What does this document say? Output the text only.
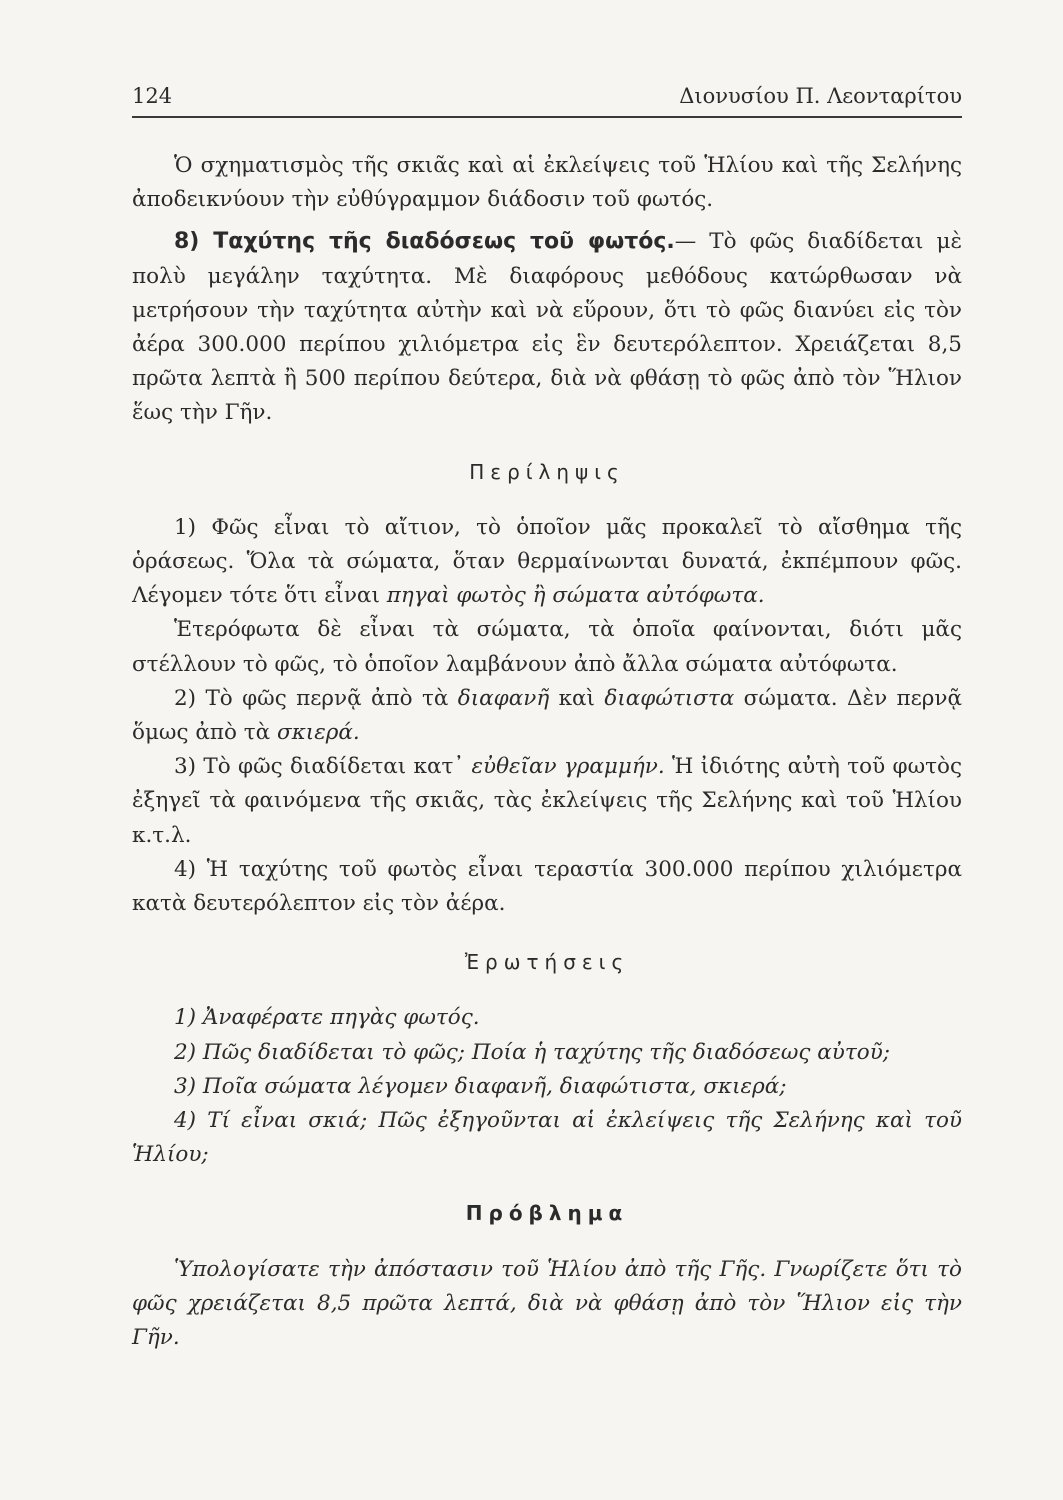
124	Διονυσίου Π. Λεονταρίτου

Ὁ σχηματισμὸς τῆς σκιᾶς καὶ αἱ ἐκλείψεις τοῦ Ἡλίου καὶ τῆς Σελήνης ἀποδεικνύουν τὴν εὐθύγραμμον διάδοσιν τοῦ φωτός.

8) Ταχύτης τῆς διαδόσεως τοῦ φωτός.— Τὸ φῶς διαδίδεται μὲ πολὺ μεγάλην ταχύτητα. Μὲ διαφόρους μεθόδους κατώρθωσαν νὰ μετρήσουν τὴν ταχύτητα αὐτὴν καὶ νὰ εὕρουν, ὅτι τὸ φῶς διανύει εἰς τὸν ἀέρα 300.000 περίπου χιλιόμετρα εἰς ἓν δευτερόλεπτον. Χρειάζεται 8,5 πρῶτα λεπτὰ ἢ 500 περίπου δεύτερα, διὰ νὰ φθάσῃ τὸ φῶς ἀπὸ τὸν Ἥλιον ἕως τὴν Γῆν.

Περίληψις

1) Φῶς εἶναι τὸ αἴτιον, τὸ ὁποῖον μᾶς προκαλεῖ τὸ αἴσθημα τῆς ὁράσεως. Ὅλα τὰ σώματα, ὅταν θερμαίνωνται δυνατά, ἐκπέμπουν φῶς. Λέγομεν τότε ὅτι εἶναι πηγαὶ φωτὸς ἢ σώματα αὐτόφωτα.

Ἑτερόφωτα δὲ εἶναι τὰ σώματα, τὰ ὁποῖα φαίνονται, διότι μᾶς στέλλουν τὸ φῶς, τὸ ὁποῖον λαμβάνουν ἀπὸ ἄλλα σώματα αὐτόφωτα.

2) Τὸ φῶς περνᾷ ἀπὸ τὰ διαφανῆ καὶ διαφώτιστα σώματα. Δὲν περνᾷ ὅμως ἀπὸ τὰ σκιερά.

3) Τὸ φῶς διαδίδεται κατ᾽ εὐθεῖαν γραμμήν. Ἡ ἰδιότης αὐτὴ τοῦ φωτὸς ἐξηγεῖ τὰ φαινόμενα τῆς σκιᾶς, τὰς ἐκλείψεις τῆς Σελήνης καὶ τοῦ Ἡλίου κ.τ.λ.

4) Ἡ ταχύτης τοῦ φωτὸς εἶναι τεραστία 300.000 περίπου χιλιόμετρα κατὰ δευτερόλεπτον εἰς τὸν ἀέρα.

Ἐρωτήσεις

1) Ἀναφέρατε πηγὰς φωτός.

2) Πῶς διαδίδεται τὸ φῶς; Ποία ἡ ταχύτης τῆς διαδόσεως αὐτοῦ;

3) Ποῖα σώματα λέγομεν διαφανῆ, διαφώτιστα, σκιερά;

4) Τί εἶναι σκιά; Πῶς ἐξηγοῦνται αἱ ἐκλείψεις τῆς Σελήνης καὶ τοῦ Ἡλίου;

Πρόβλημα

Ὑπολογίσατε τὴν ἀπόστασιν τοῦ Ἡλίου ἀπὸ τῆς Γῆς. Γνωρίζετε ὅτι τὸ φῶς χρειάζεται 8,5 πρῶτα λεπτά, διὰ νὰ φθάσῃ ἀπὸ τὸν Ἥλιον εἰς τὴν Γῆν.
